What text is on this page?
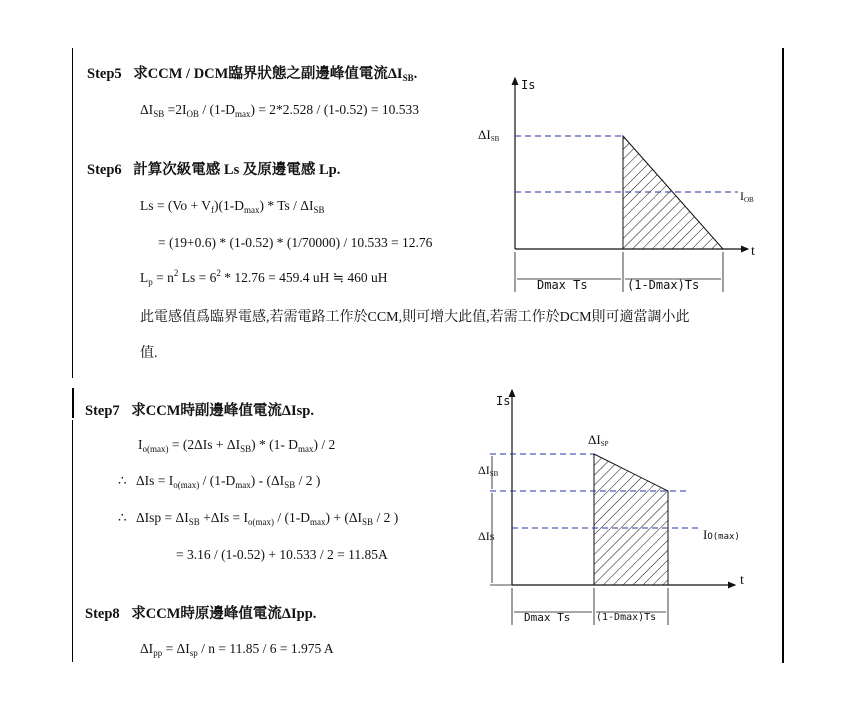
Step5 求CCM / DCM臨界狀態之副邊峰值電流$\Delta I_{SB}$.
$\Delta I_{SB} =2I_{OB} / (1-D_{max}) = 2*2.528 / (1-0.52) = 10.533$
Step6 計算次級電感 Ls 及原邊電感 Lp.
$Ls = (Vo + V_f)(1-D_{max}) * Ts / \Delta I_{SB}$
= (19+0.6) * (1-0.52) * (1/70000) / 10.533 = 12.76
$L_p = n^2$ $Ls = 6^2 * 12.76 = 459.4$ uH ≒ 460 uH
此電感值爲臨界電感,若需電路工作於CCM,則可增大此值,若需工作於DCM則可適當調小此
值.
Step7 求CCM時副邊峰值電流ΔIsp.
$I_{o(max)} = (2\Delta Is + \Delta I_{SB}) * (1-$ $D_{max}) / 2$
∴ $\Delta Is = I_{o(max)} / (1-D_{max}) - (\Delta I_{SB} / 2$ )
∴ $\Delta Isp = \Delta I_{SB} +\Delta Is = I_{o(max)} / (1-D_{max}) + (\Delta I_{SB} / 2$ )
= 3.16 / (1-0.52) + 10.533 / 2 = 11.85A
Step8 求CCM時原邊峰值電流ΔIpp.
$\Delta I_{pp} = \Delta I_{sp} / n = 11.85 / 6 = 1.975$ A
Is
t
ΔISB
IOB
Dmax Ts	(1-Dmax)Ts
Is
t
ΔISP
ΔISB
ΔIs	IO(max)
Dmax Ts	(1-Dmax)Ts
